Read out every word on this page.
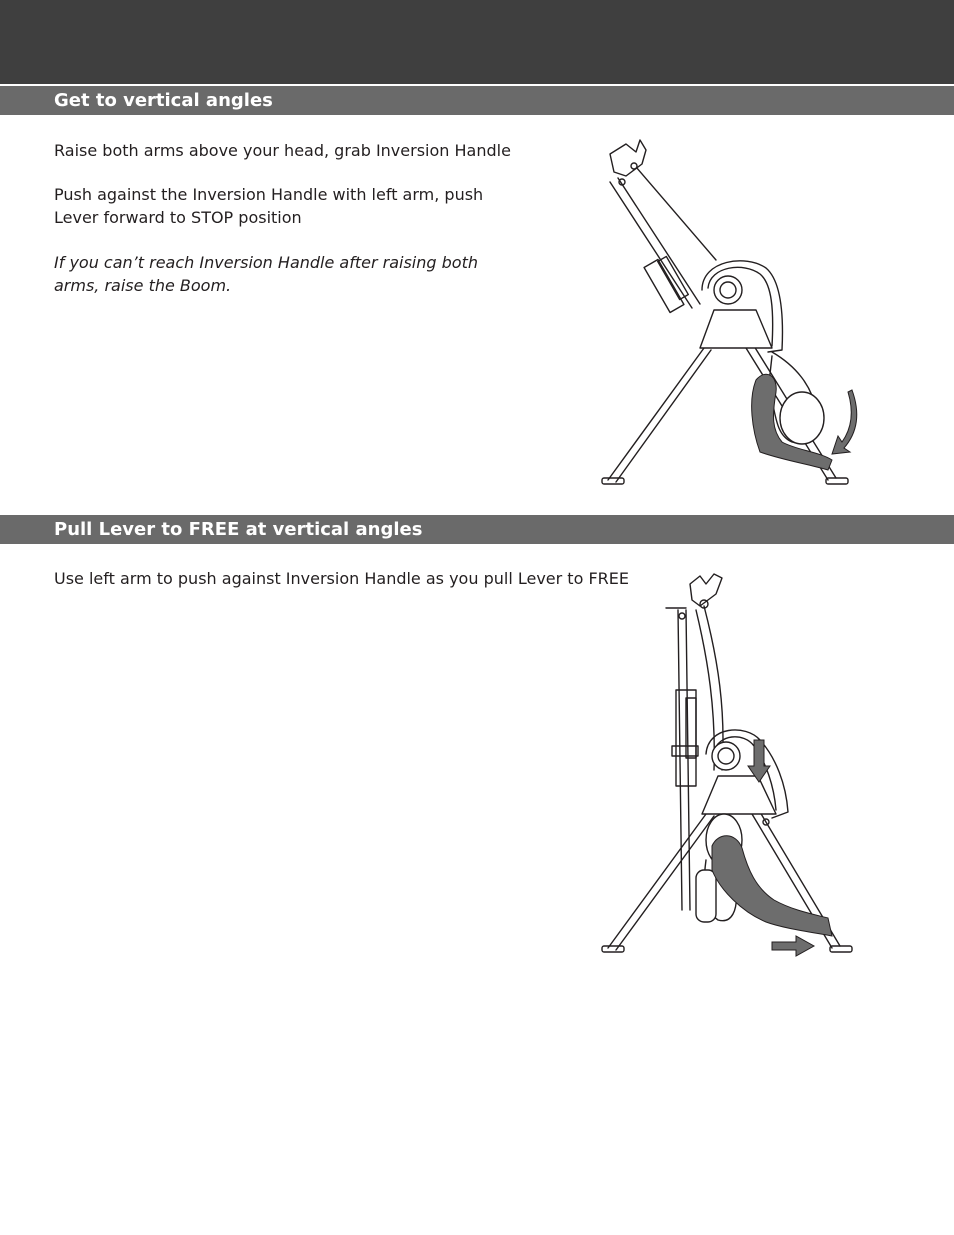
Get to vertical angles

Raise both arms above your head, grab Inversion Handle

Push against the Inversion Handle with left arm, push Lever forward to STOP position

If you can’t reach Inversion Handle after raising both arms, raise the Boom.

Pull Lever to FREE at vertical angles

Use left arm to push against Inversion Handle as you pull Lever to FREE
